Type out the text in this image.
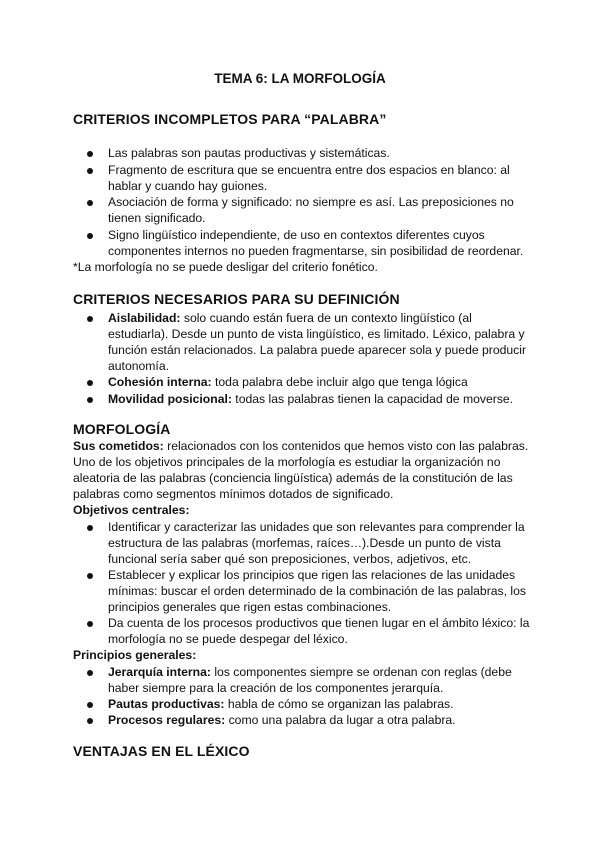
TEMA 6: LA MORFOLOGÍA
CRITERIOS INCOMPLETOS PARA “PALABRA”
Las palabras son pautas productivas y sistemáticas.
Fragmento de escritura que se encuentra entre dos espacios en blanco: al
hablar y cuando hay guiones.
Asociación de forma y significado: no siempre es así. Las preposiciones no
tienen significado.
Signo lingüístico independiente, de uso en contextos diferentes cuyos
componentes internos no pueden fragmentarse, sin posibilidad de reordenar.
*La morfología no se puede desligar del criterio fonético.
CRITERIOS NECESARIOS PARA SU DEFINICIÓN
Aislabilidad: solo cuando están fuera de un contexto lingüístico (al
estudiarla). Desde un punto de vista lingüístico, es limitado. Léxico, palabra y
función están relacionados. La palabra puede aparecer sola y puede producir
autonomía.
Cohesión interna: toda palabra debe incluir algo que tenga lógica
Movilidad posicional: todas las palabras tienen la capacidad de moverse.
MORFOLOGÍA
Sus cometidos: relacionados con los contenidos que hemos visto con las palabras.
Uno de los objetivos principales de la morfología es estudiar la organización no
aleatoria de las palabras (conciencia lingüística) además de la constitución de las
palabras como segmentos mínimos dotados de significado.
Objetivos centrales:
Identificar y caracterizar las unidades que son relevantes para comprender la
estructura de las palabras (morfemas, raíces…).Desde un punto de vista
funcional sería saber qué son preposiciones, verbos, adjetivos, etc.
Establecer y explicar los principios que rigen las relaciones de las unidades
mínimas: buscar el orden determinado de la combinación de las palabras, los
principios generales que rigen estas combinaciones.
Da cuenta de los procesos productivos que tienen lugar en el ámbito léxico: la
morfología no se puede despegar del léxico.
Principios generales:
Jerarquía interna: los componentes siempre se ordenan con reglas (debe
haber siempre para la creación de los componentes jerarquía.
Pautas productivas: habla de cómo se organizan las palabras.
Procesos regulares: como una palabra da lugar a otra palabra.
VENTAJAS EN EL LÉXICO
